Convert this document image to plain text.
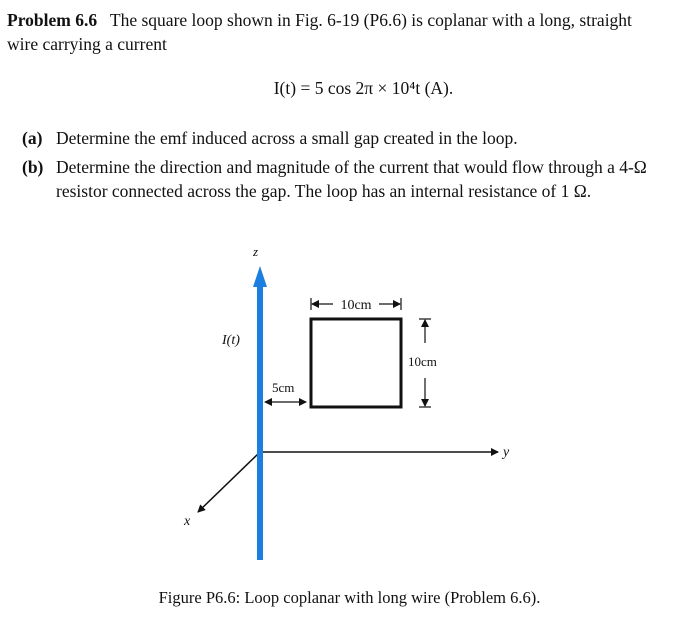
Problem 6.6 The square loop shown in Fig. 6-19 (P6.6) is coplanar with a long, straight wire carrying a current
I(t) = 5 cos 2π × 10⁴t (A).
(a) Determine the emf induced across a small gap created in the loop.
(b) Determine the direction and magnitude of the current that would flow through a 4-Ω resistor connected across the gap. The loop has an internal resistance of 1 Ω.
z
y
x
I(t)
10cm
10cm
5cm
Figure P6.6: Loop coplanar with long wire (Problem 6.6).
